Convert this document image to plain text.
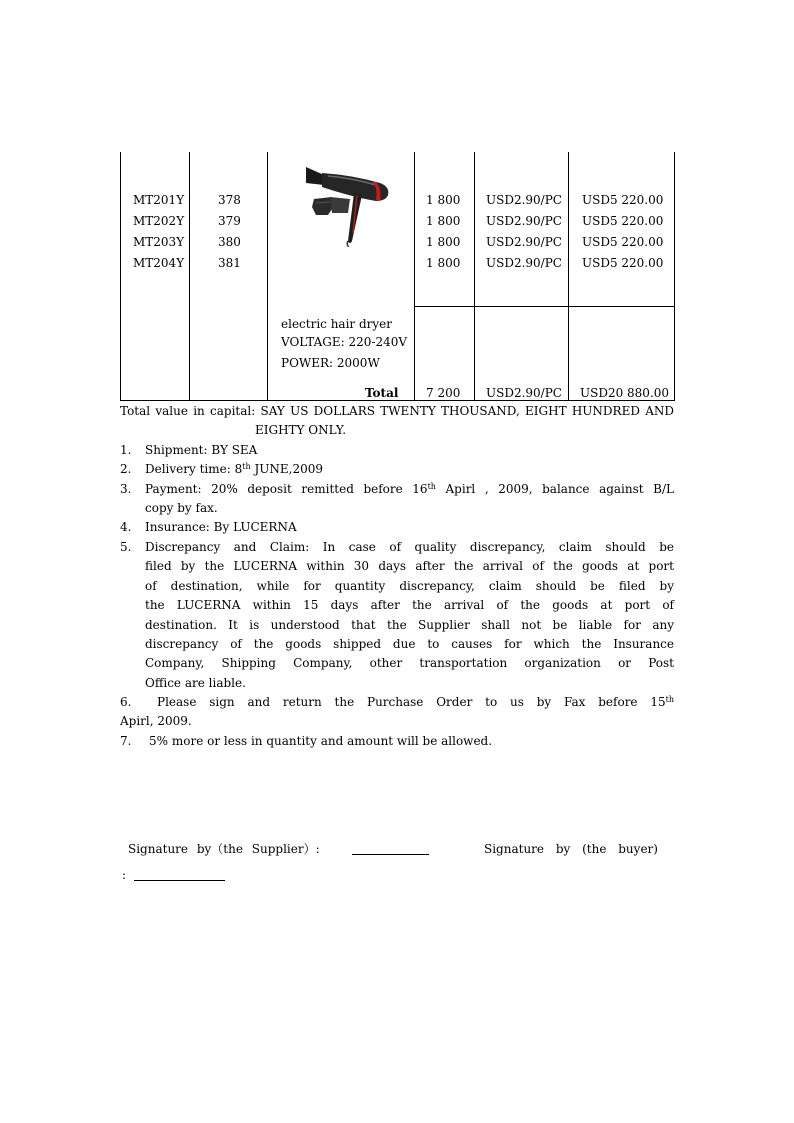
MT201Y	378	1 800 USD2.90/PC USD5 220.00
MT202Y	379	1 800 USD2.90/PC USD5 220.00
MT203Y	380	1 800 USD2.90/PC USD5 220.00
MT204Y	381	1 800 USD2.90/PC USD5 220.00
electric hair dryer
VOLTAGE: 220-240V
POWER: 2000W
Total 7 200 USD2.90/PC USD20 880.00
Total value in capital: SAY US DOLLARS TWENTY THOUSAND, EIGHT HUNDRED AND
EIGHTY ONLY.
1. Shipment: BY SEA
2. Delivery time: 8th JUNE,2009
3. Payment: 20% deposit remitted before 16th Apirl , 2009, balance against B/L
copy by fax.
4. Insurance: By LUCERNA
5. Discrepancy and Claim: In case of quality discrepancy, claim should be
filed by the LUCERNA within 30 days after the arrival of the goods at port
of destination, while for quantity discrepancy, claim should be filed by
the LUCERNA within 15 days after the arrival of the goods at port of
destination. It is understood that the Supplier shall not be liable for any
discrepancy of the goods shipped due to causes for which the Insurance
Company, Shipping Company, other transportation organization or Post
Office are liable.
6. Please sign and return the Purchase Order to us by Fax before 15th
Apirl, 2009.
7. 5% more or less in quantity and amount will be allowed.
Signature by（the Supplier）:	Signature by (the buyer)
:
